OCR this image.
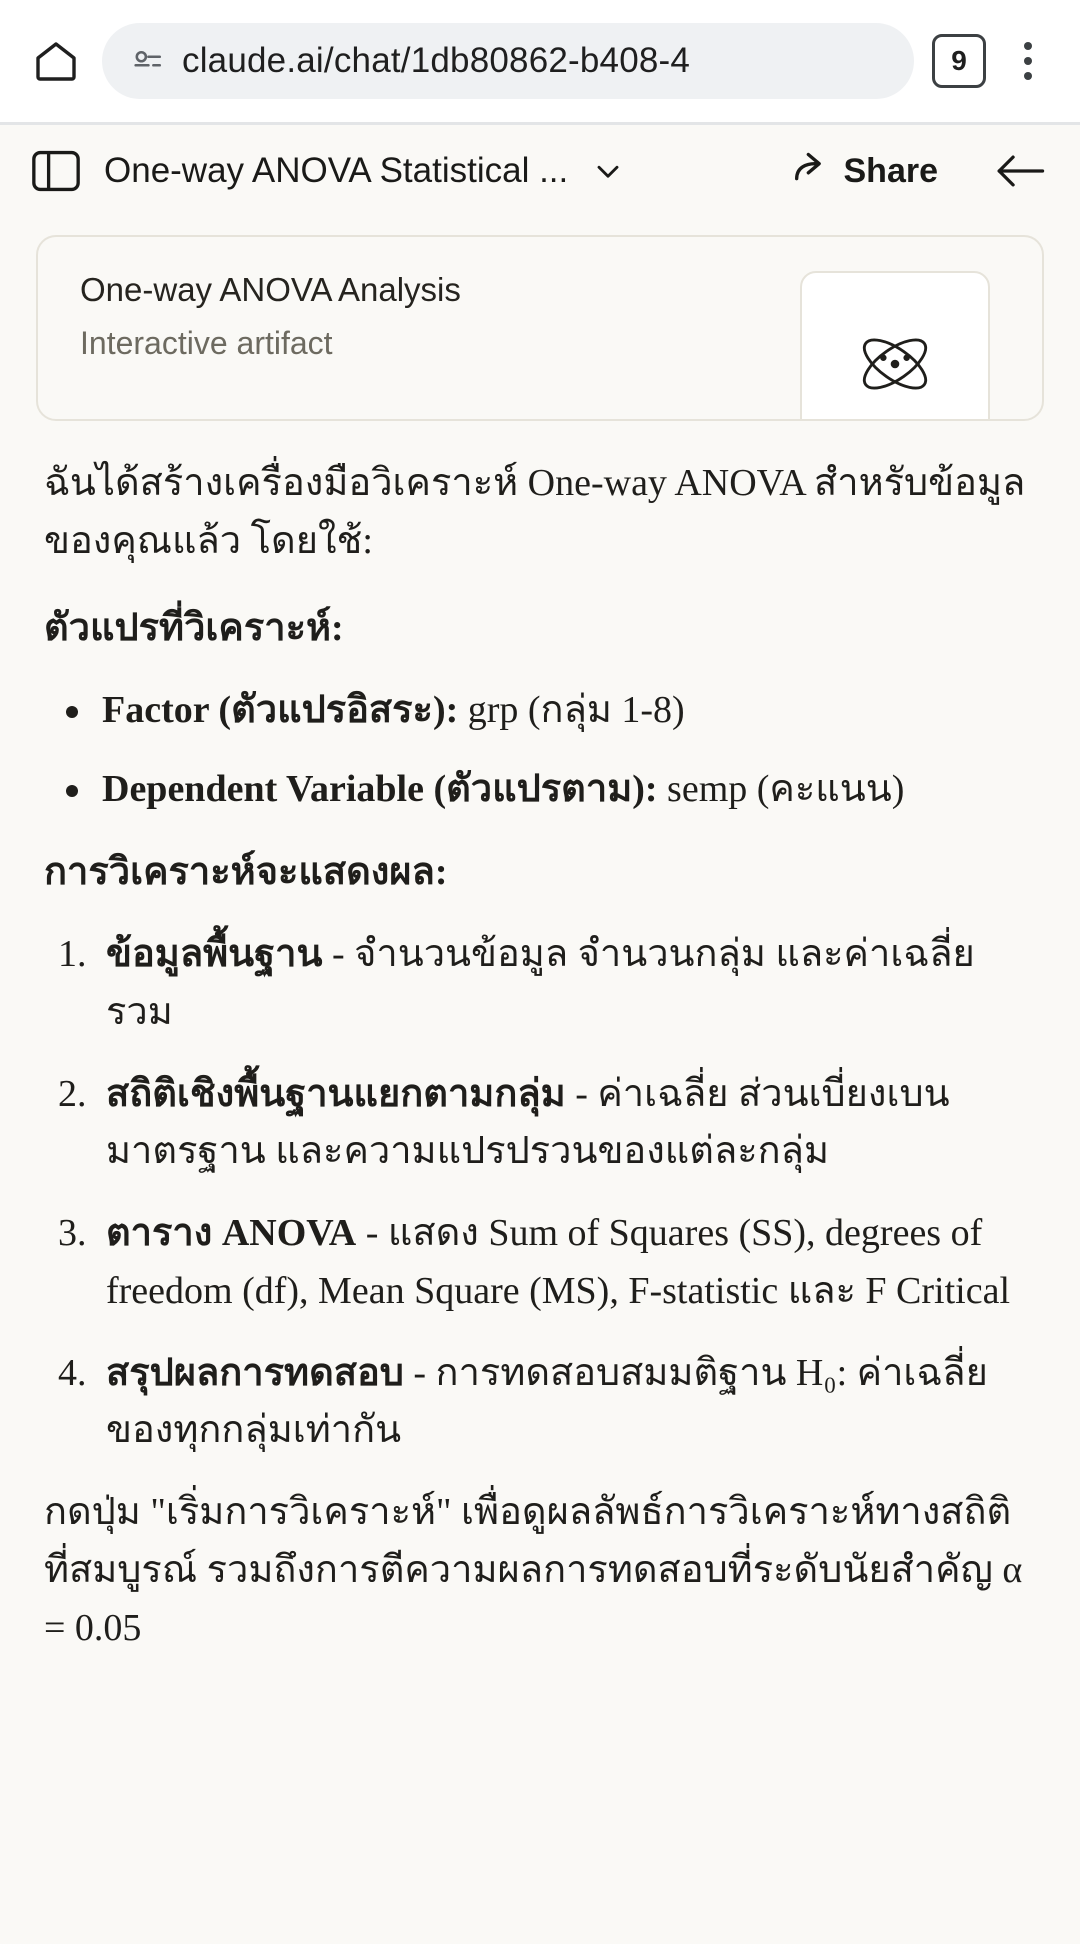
claude.ai/chat/1db80862-b408-4	9
One-way ANOVA Statistical ...	Share
One-way ANOVA Analysis
Interactive artifact
ฉันได้สร้างเครื่องมือวิเคราะห์ One-way ANOVA สำหรับข้อมูลของคุณแล้ว โดยใช้:
ตัวแปรที่วิเคราะห์:
Factor (ตัวแปรอิสระ): grp (กลุ่ม 1-8)
Dependent Variable (ตัวแปรตาม): semp (คะแนน)
การวิเคราะห์จะแสดงผล:
ข้อมูลพื้นฐาน - จำนวนข้อมูล จำนวนกลุ่ม และค่าเฉลี่ยรวม
สถิติเชิงพื้นฐานแยกตามกลุ่ม - ค่าเฉลี่ย ส่วนเบี่ยงเบนมาตรฐาน และความแปรปรวนของแต่ละกลุ่ม
ตาราง ANOVA - แสดง Sum of Squares (SS), degrees of freedom (df), Mean Square (MS), F-statistic และ F Critical
สรุปผลการทดสอบ - การทดสอบสมมติฐาน H₀: ค่าเฉลี่ยของทุกกลุ่มเท่ากัน
กดปุ่ม "เริ่มการวิเคราะห์" เพื่อดูผลลัพธ์การวิเคราะห์ทางสถิติที่สมบูรณ์ รวมถึงการตีความผลการทดสอบที่ระดับนัยสำคัญ α = 0.05
